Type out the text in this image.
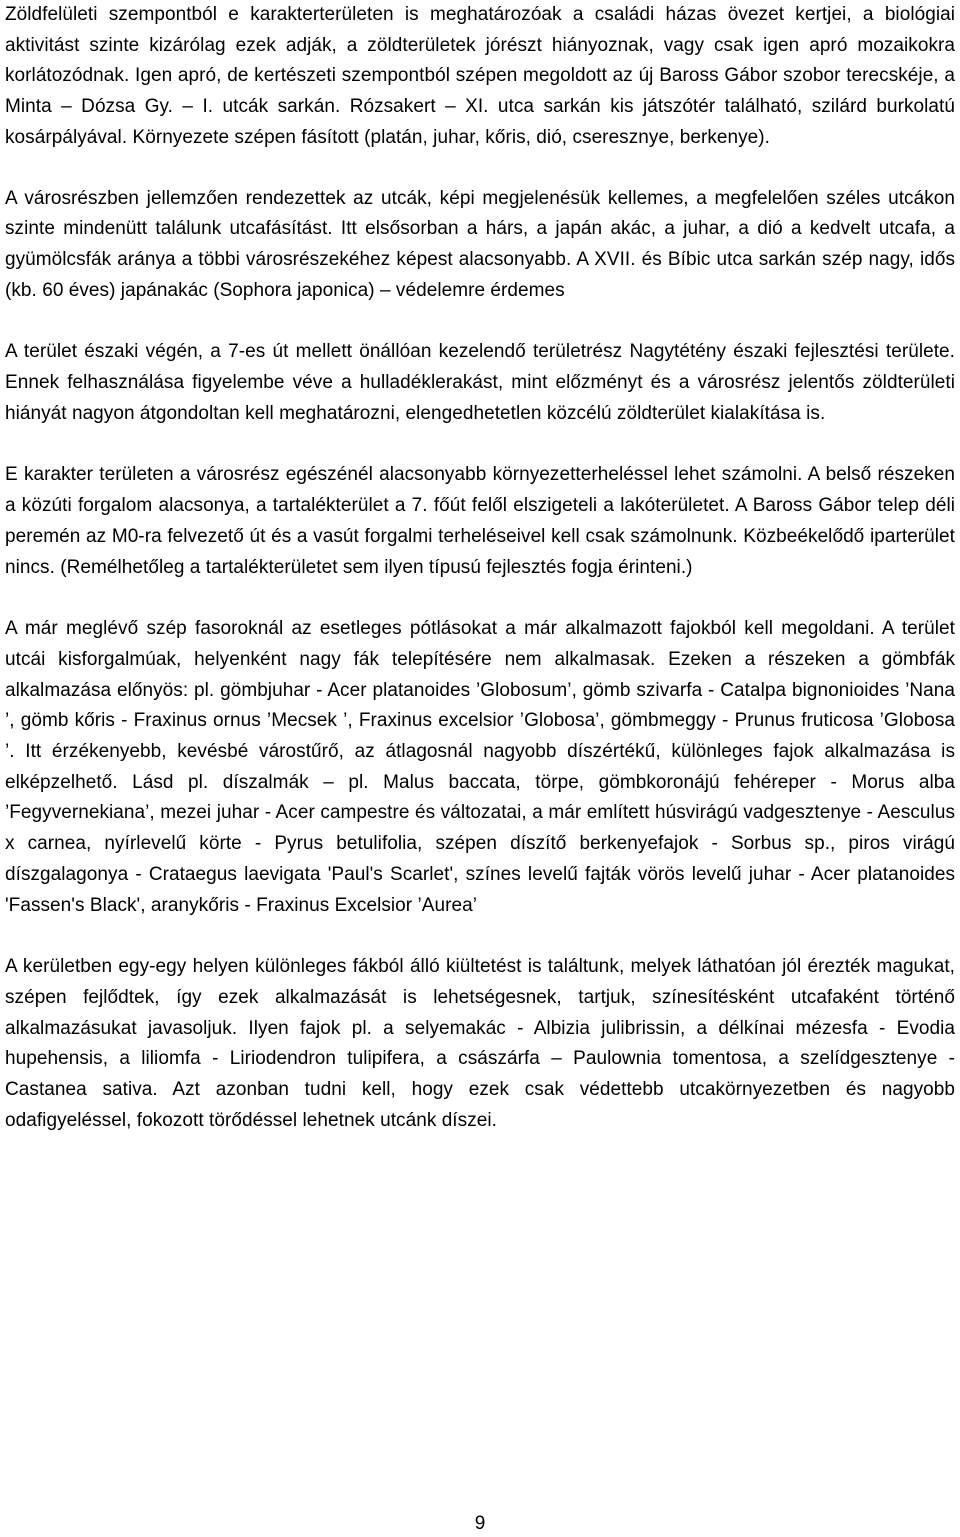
Zöldfelületi szempontból e karakterterületen is meghatározóak a családi házas övezet kertjei, a biológiai aktivitást szinte kizárólag ezek adják, a zöldterületek jórészt hiányoznak, vagy csak igen apró mozaikokra korlátozódnak. Igen apró, de kertészeti szempontból szépen megoldott az új Baross Gábor szobor terecskéje, a Minta – Dózsa Gy. – I. utcák sarkán. Rózsakert – XI. utca sarkán kis játszótér található, szilárd burkolatú kosárpályával. Környezete szépen fásított (platán, juhar, kőris, dió, cseresznye, berkenye).

A városrészben jellemzően rendezettek az utcák, képi megjelenésük kellemes, a megfelelően széles utcákon szinte mindenütt találunk utcafásítást. Itt elsősorban a hárs, a japán akác, a juhar, a dió a kedvelt utcafa, a gyümölcsfák aránya a többi városrészekéhez képest alacsonyabb. A XVII. és Bíbic utca sarkán szép nagy, idős (kb. 60 éves) japánakác (Sophora japonica) – védelemre érdemes

A terület északi végén, a 7-es út mellett önállóan kezelendő területrész Nagytétény északi fejlesztési területe. Ennek felhasználása figyelembe véve a hulladéklerakást, mint előzményt és a városrész jelentős zöldterületi hiányát nagyon átgondoltan kell meghatározni, elengedhetetlen közcélú zöldterület kialakítása is.

E karakter területen a városrész egészénél alacsonyabb környezetterheléssel lehet számolni. A belső részeken a közúti forgalom alacsonya, a tartalékterület a 7. főút felől elszigeteli a lakóterületet. A Baross Gábor telep déli peremén az M0-ra felvezető út és a vasút forgalmi terheléseivel kell csak számolnunk. Közbeékelődő iparterület nincs. (Remélhetőleg a tartalékterületet sem ilyen típusú fejlesztés fogja érinteni.)

A már meglévő szép fasoroknál az esetleges pótlásokat a már alkalmazott fajokból kell megoldani. A terület utcái kisforgalmúak, helyenként nagy fák telepítésére nem alkalmasak. Ezeken a részeken a gömbfák alkalmazása előnyös: pl. gömbjuhar - Acer platanoides ’Globosum’, gömb szivarfa - Catalpa bignonioides ’Nana ’, gömb kőris - Fraxinus ornus ’Mecsek ’, Fraxinus excelsior ’Globosa’, gömbmeggy - Prunus fruticosa ’Globosa ’. Itt érzékenyebb, kevésbé várostűrő, az átlagosnál nagyobb díszértékű, különleges fajok alkalmazása is elképzelhető. Lásd pl. díszalmák – pl. Malus baccata, törpe, gömbkoronájú fehéreper - Morus alba ’Fegyvernekiana’, mezei juhar - Acer campestre és változatai, a már említett húsvirágú vadgesztenye - Aesculus x carnea, nyírlevelű körte - Pyrus betulifolia, szépen díszítő berkenyefajok - Sorbus sp., piros virágú díszgalagonya - Crataegus laevigata 'Paul's Scarlet', színes levelű fajták vörös levelű juhar - Acer platanoides 'Fassen's Black', aranykőris - Fraxinus Excelsior ’Aurea’

A kerületben egy-egy helyen különleges fákból álló kiültetést is találtunk, melyek láthatóan jól érezték magukat, szépen fejlődtek, így ezek alkalmazását is lehetségesnek, tartjuk, színesítésként utcafaként történő alkalmazásukat javasoljuk. Ilyen fajok pl. a selyemakác - Albizia julibrissin, a délkínai mézesfa - Evodia hupehensis, a liliomfa - Liriodendron tulipifera, a császárfa – Paulownia tomentosa, a szelídgesztenye - Castanea sativa. Azt azonban tudni kell, hogy ezek csak védettebb utcakörnyezetben és nagyobb odafigyeléssel, fokozott törődéssel lehetnek utcánk díszei.

9
